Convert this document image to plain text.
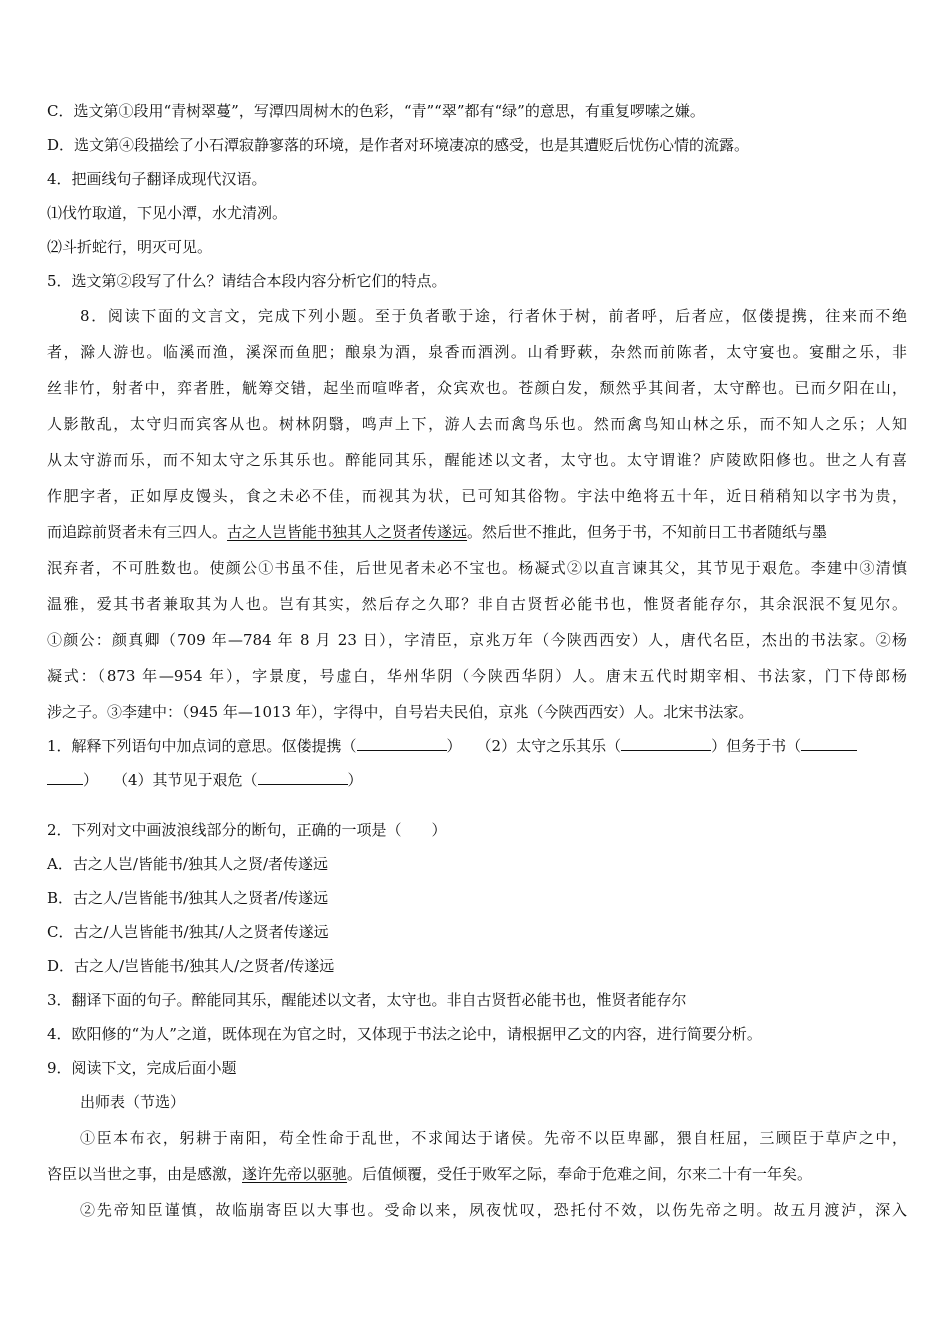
C．选文第①段用“青树翠蔓”，写潭四周树木的色彩，“青”“翠”都有“绿”的意思，有重复啰嗦之嫌。
D．选文第④段描绘了小石潭寂静寥落的环境，是作者对环境凄凉的感受，也是其遭贬后忧伤心情的流露。
4．把画线句子翻译成现代汉语。
⑴伐竹取道，下见小潭，水尤清冽。
⑵斗折蛇行，明灭可见。
5．选文第②段写了什么？请结合本段内容分析它们的特点。
8．阅读下面的文言文，完成下列小题。至于负者歌于途，行者休于树，前者呼，后者应，伛偻提携，往来而不绝
者，滁人游也。临溪而渔，溪深而鱼肥；酿泉为酒，泉香而酒洌。山肴野蔌，杂然而前陈者，太守宴也。宴酣之乐，非
丝非竹，射者中，弈者胜，觥筹交错，起坐而喧哗者，众宾欢也。苍颜白发，颓然乎其间者，太守醉也。已而夕阳在山，
人影散乱，太守归而宾客从也。树林阴翳，鸣声上下，游人去而禽鸟乐也。然而禽鸟知山林之乐，而不知人之乐；人知
从太守游而乐，而不知太守之乐其乐也。醉能同其乐，醒能述以文者，太守也。太守谓谁？庐陵欧阳修也。世之人有喜
作肥字者，正如厚皮馒头，食之未必不佳，而视其为状，已可知其俗物。宇法中绝将五十年，近日稍稍知以字书为贵，
而追踪前贤者未有三四人。古之人岂皆能书独其人之贤者传遂远。然后世不推此，但务于书，不知前日工书者随纸与墨
泯弃者，不可胜数也。使颜公①书虽不佳，后世见者未必不宝也。杨凝式②以直言谏其父，其节见于艰危。李建中③清慎
温雅，爱其书者兼取其为人也。岂有其实，然后存之久耶？非自古贤哲必能书也，惟贤者能存尔，其余泯泯不复见尔。
①颜公：颜真卿（709 年—784 年 8 月 23 日），字清臣，京兆万年（今陕西西安）人，唐代名臣，杰出的书法家。②杨
凝式：（873 年—954 年），字景度，号虚白，华州华阴（今陕西华阴）人。唐末五代时期宰相、书法家，门下侍郎杨
涉之子。③李建中：（945 年—1013 年），字得中，自号岩夫民伯，京兆（今陕西西安）人。北宋书法家。
1．解释下列语句中加点词的意思。伛偻提携（	）　　（2）太守之乐其乐（	）但务于书（
）　　（4）其节见于艰危（	）
2．下列对文中画波浪线部分的断句，正确的一项是（　　）
A．古之人岂/皆能书/独其人之贤/者传遂远
B．古之人/岂皆能书/独其人之贤者/传遂远
C．古之/人岂皆能书/独其/人之贤者传遂远
D．古之人/岂皆能书/独其人/之贤者/传遂远
3．翻译下面的句子。醉能同其乐，醒能述以文者，太守也。非自古贤哲必能书也，惟贤者能存尔
4．欧阳修的“为人”之道，既体现在为官之时，又体现于书法之论中，请根据甲乙文的内容，进行简要分析。
9．阅读下文，完成后面小题
出师表（节选）
①臣本布衣，躬耕于南阳，苟全性命于乱世，不求闻达于诸侯。先帝不以臣卑鄙，猥自枉屈，三顾臣于草庐之中，
咨臣以当世之事，由是感激，遂许先帝以驱驰。后值倾覆，受任于败军之际，奉命于危难之间，尔来二十有一年矣。
②先帝知臣谨慎，故临崩寄臣以大事也。受命以来，夙夜忧叹，恐托付不效，以伤先帝之明。故五月渡泸，深入
